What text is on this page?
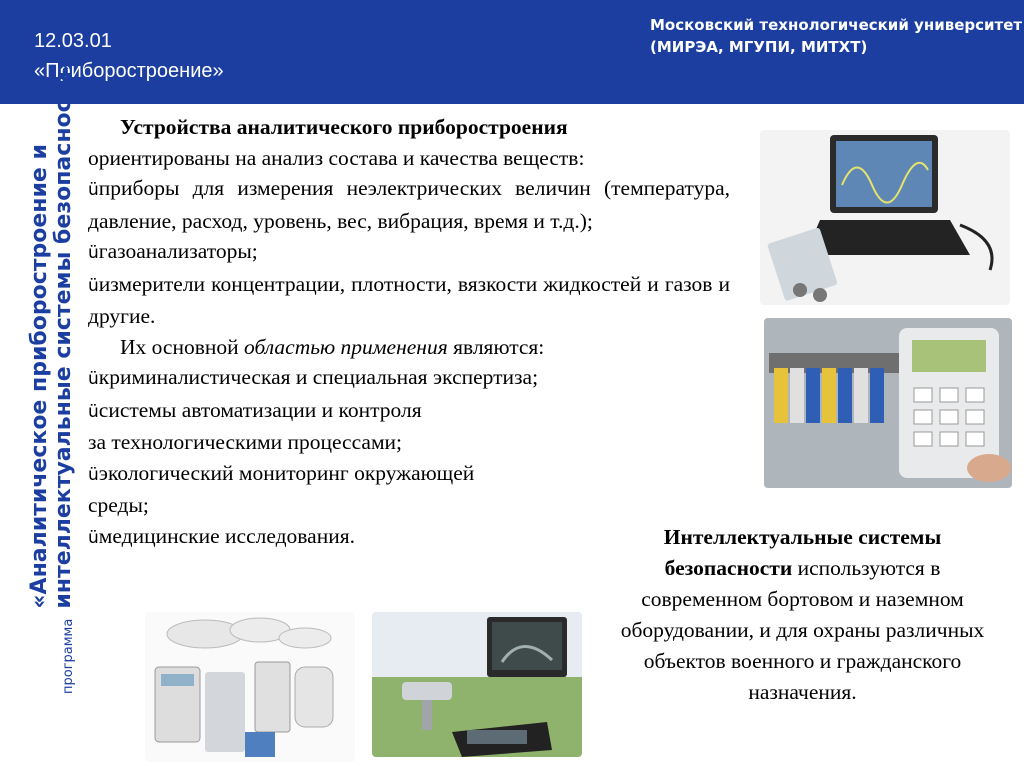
12.03.01
«Приборостроение»
Московский технологический университет
(МИРЭА, МГУПИ, МИТХТ)
программа
«Аналитическое приборостроение и интеллектуальные системы безопасности»	Устройства аналитического приборостроения

ориентированы на анализ состава и качества веществ:

üприборы для измерения неэлектрических величин (температура, давление, расход, уровень, вес, вибрация, время и т.д.);

üгазоанализаторы;

üизмерители концентрации, плотности, вязкости жидкостей и газов и другие.

Их основной областью применения являются:

üкриминалистическая и специальная экспертиза;

üсистемы автоматизации и контроля
за технологическими процессами;

üэкологический мониторинг окружающей
среды;

üмедицинские исследования.	Интеллектуальные системы
безопасности используются в современном бортовом и наземном оборудовании, и для охраны различных объектов военного и гражданского назначения.
